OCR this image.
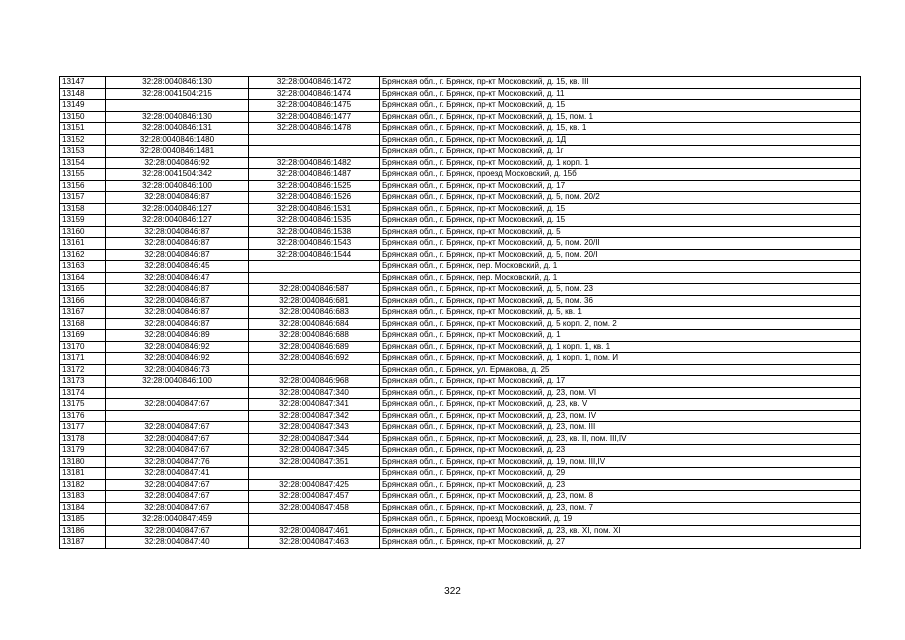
13147	32:28:0040846:130	32:28:0040846:1472	Брянская обл., г. Брянск, пр-кт Московский, д. 15, кв. III
13148	32:28:0041504:215	32:28:0040846:1474	Брянская обл., г. Брянск, пр-кт Московский, д. 11
13149		32:28:0040846:1475	Брянская обл., г. Брянск, пр-кт Московский, д. 15
13150	32:28:0040846:130	32:28:0040846:1477	Брянская обл., г. Брянск, пр-кт Московский, д. 15, пом. 1
13151	32:28:0040846:131	32:28:0040846:1478	Брянская обл., г. Брянск, пр-кт Московский, д. 15, кв. 1
13152	32:28:0040846:1480		Брянская обл., г. Брянск, пр-кт Московский, д. 1Д
13153	32:28:0040846:1481		Брянская обл., г. Брянск, пр-кт Московский, д. 1г
13154	32:28:0040846:92	32:28:0040846:1482	Брянская обл., г. Брянск, пр-кт Московский, д. 1 корп. 1
13155	32:28:0041504:342	32:28:0040846:1487	Брянская обл., г. Брянск, проезд Московский, д. 15б
13156	32:28:0040846:100	32:28:0040846:1525	Брянская обл., г. Брянск, пр-кт Московский, д. 17
13157	32:28:0040846:87	32:28:0040846:1526	Брянская обл., г. Брянск, пр-кт Московский, д. 5, пом. 20/2
13158	32:28:0040846:127	32:28:0040846:1531	Брянская обл., г. Брянск, пр-кт Московский, д. 15
13159	32:28:0040846:127	32:28:0040846:1535	Брянская обл., г. Брянск, пр-кт Московский, д. 15
13160	32:28:0040846:87	32:28:0040846:1538	Брянская обл., г. Брянск, пр-кт Московский, д. 5
13161	32:28:0040846:87	32:28:0040846:1543	Брянская обл., г. Брянск, пр-кт Московский, д. 5, пом. 20/II
13162	32:28:0040846:87	32:28:0040846:1544	Брянская обл., г. Брянск, пр-кт Московский, д. 5, пом. 20/I
13163	32:28:0040846:45		Брянская обл., г. Брянск, пер. Московский, д. 1
13164	32:28:0040846:47		Брянская обл., г. Брянск, пер. Московский, д. 1
13165	32:28:0040846:87	32:28:0040846:587	Брянская обл., г. Брянск, пр-кт Московский, д. 5, пом. 23
13166	32:28:0040846:87	32:28:0040846:681	Брянская обл., г. Брянск, пр-кт Московский, д. 5, пом. 36
13167	32:28:0040846:87	32:28:0040846:683	Брянская обл., г. Брянск, пр-кт Московский, д. 5, кв. 1
13168	32:28:0040846:87	32:28:0040846:684	Брянская обл., г. Брянск, пр-кт Московский, д. 5 корп. 2, пом. 2
13169	32:28:0040846:89	32:28:0040846:688	Брянская обл., г. Брянск, пр-кт Московский, д. 1
13170	32:28:0040846:92	32:28:0040846:689	Брянская обл., г. Брянск, пр-кт Московский, д. 1 корп. 1, кв. 1
13171	32:28:0040846:92	32:28:0040846:692	Брянская обл., г. Брянск, пр-кт Московский, д. 1 корп. 1, пом. И
13172	32:28:0040846:73		Брянская обл., г. Брянск, ул. Ермакова, д. 25
13173	32:28:0040846:100	32:28:0040846:968	Брянская обл., г. Брянск, пр-кт Московский, д. 17
13174		32:28:0040847:340	Брянская обл., г. Брянск, пр-кт Московский, д. 23, пом. VI
13175	32:28:0040847:67	32:28:0040847:341	Брянская обл., г. Брянск, пр-кт Московский, д. 23, кв. V
13176		32:28:0040847:342	Брянская обл., г. Брянск, пр-кт Московский, д. 23, пом. IV
13177	32:28:0040847:67	32:28:0040847:343	Брянская обл., г. Брянск, пр-кт Московский, д. 23, пом. III
13178	32:28:0040847:67	32:28:0040847:344	Брянская обл., г. Брянск, пр-кт Московский, д. 23, кв. II, пом. III,IV
13179	32:28:0040847:67	32:28:0040847:345	Брянская обл., г. Брянск, пр-кт Московский, д. 23
13180	32:28:0040847:76	32:28:0040847:351	Брянская обл., г. Брянск, пр-кт Московский, д. 19, пом. III,IV
13181	32:28:0040847:41		Брянская обл., г. Брянск, пр-кт Московский, д. 29
13182	32:28:0040847:67	32:28:0040847:425	Брянская обл., г. Брянск, пр-кт Московский, д. 23
13183	32:28:0040847:67	32:28:0040847:457	Брянская обл., г. Брянск, пр-кт Московский, д. 23, пом. 8
13184	32:28:0040847:67	32:28:0040847:458	Брянская обл., г. Брянск, пр-кт Московский, д. 23, пом. 7
13185	32:28:0040847:459		Брянская обл., г. Брянск, проезд Московский, д. 19
13186	32:28:0040847:67	32:28:0040847:461	Брянская обл., г. Брянск, пр-кт Московский, д. 23, кв. XI, пом. XI
13187	32:28:0040847:40	32:28:0040847:463	Брянская обл., г. Брянск, пр-кт Московский, д. 27
322
